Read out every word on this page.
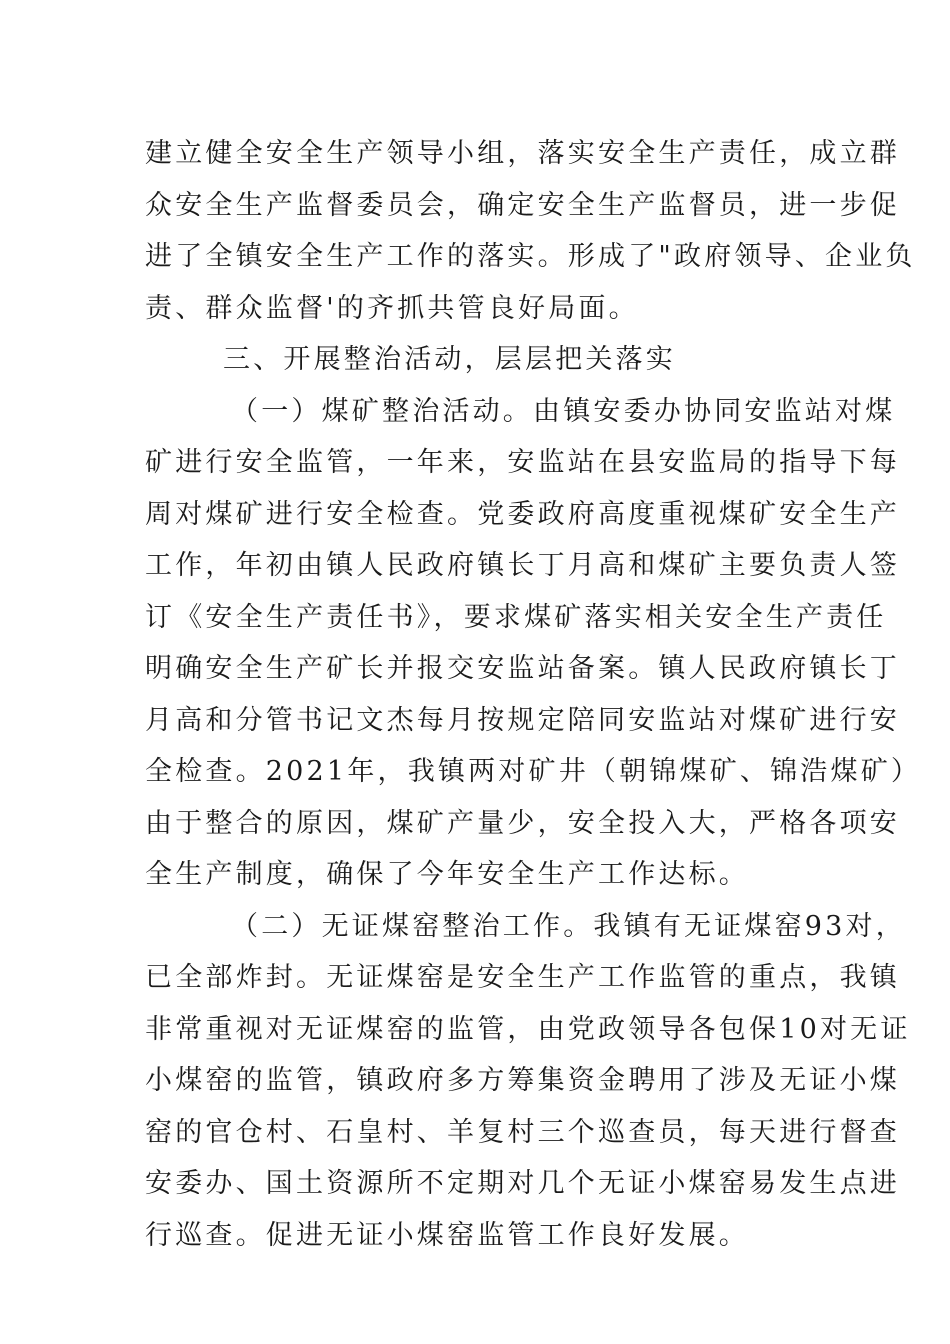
建立健全安全生产领导小组，落实安全生产责任，成立群
众安全生产监督委员会，确定安全生产监督员，进一步促
进了全镇安全生产工作的落实。形成了"政府领导、企业负
责、群众监督'的齐抓共管良好局面。
三、开展整治活动，层层把关落实
（一）煤矿整治活动。由镇安委办协同安监站对煤
矿进行安全监管，一年来，安监站在县安监局的指导下每
周对煤矿进行安全检查。党委政府高度重视煤矿安全生产
工作，年初由镇人民政府镇长丁月高和煤矿主要负责人签
订《安全生产责任书》，要求煤矿落实相关安全生产责任
明确安全生产矿长并报交安监站备案。镇人民政府镇长丁
月高和分管书记文杰每月按规定陪同安监站对煤矿进行安
全检查。2021年，我镇两对矿井（朝锦煤矿、锦浩煤矿）
由于整合的原因，煤矿产量少，安全投入大，严格各项安
全生产制度，确保了今年安全生产工作达标。
（二）无证煤窑整治工作。我镇有无证煤窑93对，
已全部炸封。无证煤窑是安全生产工作监管的重点，我镇
非常重视对无证煤窑的监管，由党政领导各包保10对无证
小煤窑的监管，镇政府多方筹集资金聘用了涉及无证小煤
窑的官仓村、石皇村、羊复村三个巡查员，每天进行督查
安委办、国土资源所不定期对几个无证小煤窑易发生点进
行巡查。促进无证小煤窑监管工作良好发展。
